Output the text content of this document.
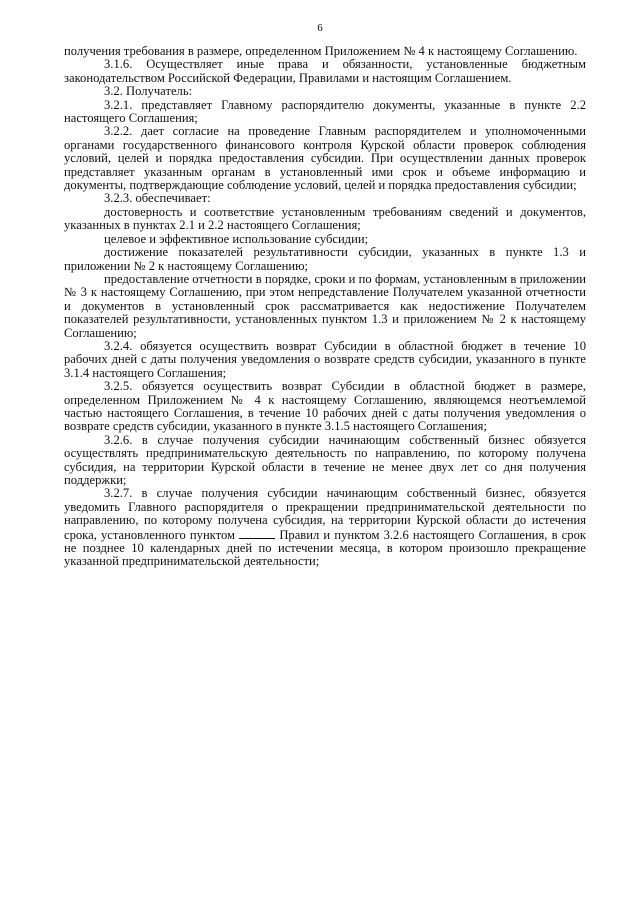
6

получения требования в размере, определенном Приложением № 4 к настоящему Соглашению.

3.1.6. Осуществляет иные права и обязанности, установленные бюджетным законодательством Российской Федерации, Правилами и настоящим Соглашением.

3.2. Получатель:

3.2.1. представляет Главному распорядителю документы, указанные в пункте 2.2 настоящего Соглашения;

3.2.2. дает согласие на проведение Главным распорядителем и уполномоченными органами государственного финансового контроля Курской области проверок соблюдения условий, целей и порядка предоставления субсидии. При осуществлении данных проверок представляет указанным органам в установленный ими срок и объеме информацию и документы, подтверждающие соблюдение условий, целей и порядка предоставления субсидии;

3.2.3. обеспечивает:

достоверность и соответствие установленным требованиям сведений и документов, указанных в пунктах 2.1 и 2.2 настоящего Соглашения;

целевое и эффективное использование субсидии;

достижение показателей результативности субсидии, указанных в пункте 1.3 и приложении № 2 к настоящему Соглашению;

предоставление отчетности в порядке, сроки и по формам, установленным в приложении № 3 к настоящему Соглашению, при этом непредставление Получателем указанной отчетности и документов в установленный срок рассматривается как недостижение Получателем показателей результативности, установленных пунктом 1.3 и приложением № 2 к настоящему Соглашению;

3.2.4. обязуется осуществить возврат Субсидии в областной бюджет в течение 10 рабочих дней с даты получения уведомления о возврате средств субсидии, указанного в пункте 3.1.4 настоящего Соглашения;

3.2.5. обязуется осуществить возврат Субсидии в областной бюджет в размере, определенном Приложением № 4 к настоящему Соглашению, являющемся неотъемлемой частью настоящего Соглашения, в течение 10 рабочих дней с даты получения уведомления о возврате средств субсидии, указанного в пункте 3.1.5 настоящего Соглашения;

3.2.6. в случае получения субсидии начинающим собственный бизнес обязуется осуществлять предпринимательскую деятельность по направлению, по которому получена субсидия, на территории Курской области в течение не менее двух лет со дня получения поддержки;

3.2.7. в случае получения субсидии начинающим собственный бизнес, обязуется уведомить Главного распорядителя о прекращении предпринимательской деятельности по направлению, по которому получена субсидия, на территории Курской области до истечения срока, установленного пунктом	Правил и пунктом 3.2.6 настоящего Соглашения, в срок не позднее 10 календарных дней по истечении месяца, в котором произошло прекращение указанной предпринимательской деятельности;
